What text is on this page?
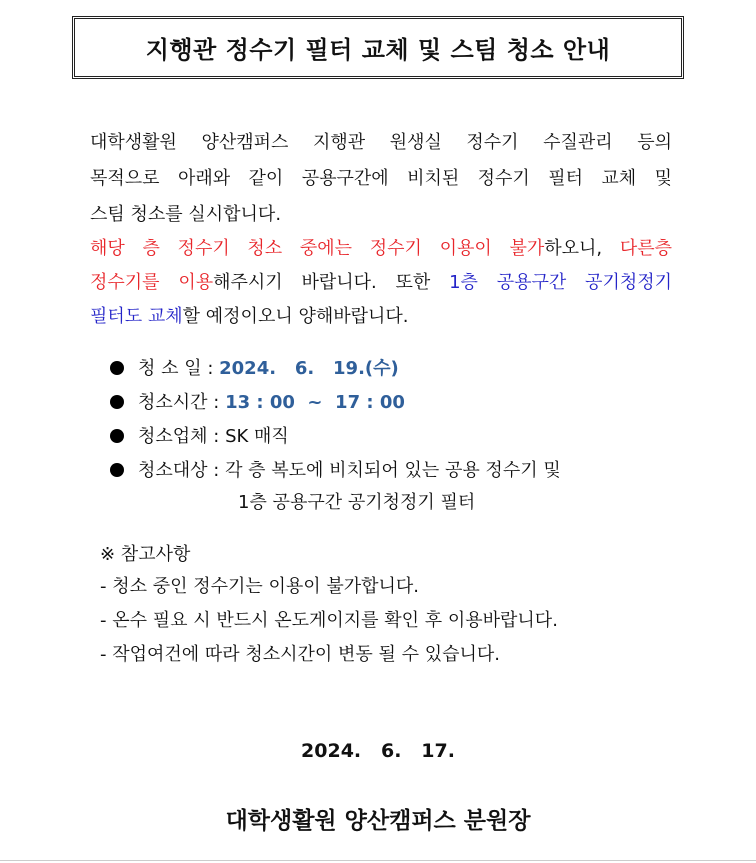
지행관 정수기 필터 교체 및 스팀 청소 안내
대학생활원 양산캠퍼스 지행관 원생실 정수기 수질관리 등의
목적으로 아래와 같이 공용구간에 비치된 정수기 필터 교체 및
스팀 청소를 실시합니다.
해당 층 정수기 청소 중에는 정수기 이용이 불가하오니, 다른층
정수기를 이용해주시기 바랍니다. 또한 1층 공용구간 공기청정기
필터도 교체할 예정이오니 양해바랍니다.
청 소 일 : 2024.   6.   19.(수)
청소시간 : 13 : 00  ~  17 : 00
청소업체 : SK 매직
청소대상 : 각 층 복도에 비치되어 있는 공용 정수기 및
1층 공용구간 공기청정기 필터
※ 참고사항
- 청소 중인 정수기는 이용이 불가합니다.
- 온수 필요 시 반드시 온도게이지를 확인 후 이용바랍니다.
- 작업여건에 따라 청소시간이 변동 될 수 있습니다.
2024.   6.   17.
대학생활원 양산캠퍼스 분원장
